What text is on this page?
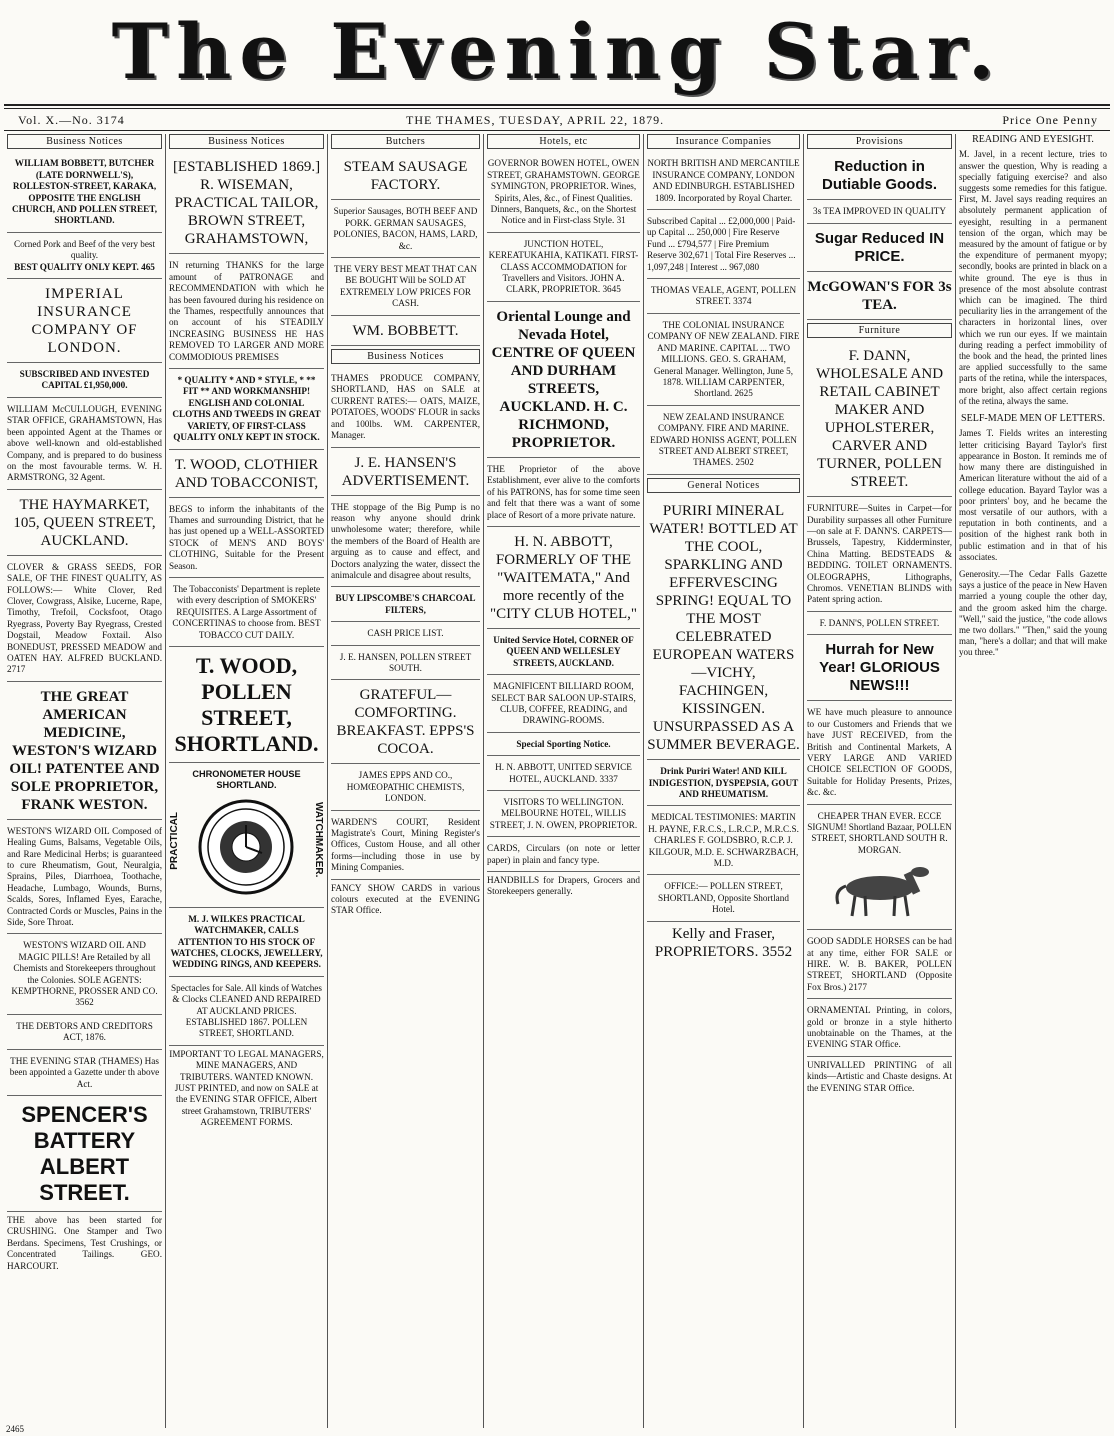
The Evening Star.
Vol. X.—No. 3174	THE THAMES, TUESDAY, APRIL 22, 1879.	Price One Penny
Business Notices
WILLIAM BOBBETT, BUTCHER (LATE DORNWELL'S), ROLLESTON-STREET, KARAKA, OPPOSITE THE ENGLISH CHURCH, AND POLLEN STREET, SHORTLAND.
Corned Pork and Beef of the very best quality.
BEST QUALITY ONLY KEPT. 465
IMPERIAL INSURANCE COMPANY OF LONDON.
SUBSCRIBED AND INVESTED CAPITAL £1,950,000.
WILLIAM McCULLOUGH, EVENING STAR OFFICE, GRAHAMSTOWN, Has been appointed Agent at the Thames or above well-known and old-established Company, and is prepared to do business on the most favourable terms. W. H. ARMSTRONG, 32 Agent.
THE HAYMARKET, 105, QUEEN STREET, AUCKLAND.
CLOVER & GRASS SEEDS, FOR SALE, OF THE FINEST QUALITY, AS FOLLOWS:— White Clover, Red Clover, Cowgrass, Alsike, Lucerne, Rape, Timothy, Trefoil, Cocksfoot, Otago Ryegrass, Poverty Bay Ryegrass, Crested Dogstail, Meadow Foxtail. Also BONEDUST, PRESSED MEADOW and OATEN HAY. ALFRED BUCKLAND. 2717
THE GREAT AMERICAN MEDICINE, WESTON'S WIZARD OIL! PATENTEE AND SOLE PROPRIETOR, FRANK WESTON.
WESTON'S WIZARD OIL Composed of Healing Gums, Balsams, Vegetable Oils, and Rare Medicinal Herbs; is guaranteed to cure Rheumatism, Gout, Neuralgia, Sprains, Piles, Diarrhoea, Toothache, Headache, Lumbago, Wounds, Burns, Scalds, Sores, Inflamed Eyes, Earache, Contracted Cords or Muscles, Pains in the Side, Sore Throat.
WESTON'S WIZARD OIL AND MAGIC PILLS! Are Retailed by all Chemists and Storekeepers throughout the Colonies. SOLE AGENTS: KEMPTHORNE, PROSSER AND CO. 3562
THE DEBTORS AND CREDITORS ACT, 1876.
THE EVENING STAR (THAMES) Has been appointed a Gazette under th above Act.
SPENCER'S BATTERY ALBERT STREET.
THE above has been started for CRUSHING. One Stamper and Two Berdans. Specimens, Test Crushings, or Concentrated Tailings. GEO. HARCOURT.
Business Notices
[ESTABLISHED 1869.] R. WISEMAN, PRACTICAL TAILOR, BROWN STREET, GRAHAMSTOWN,
IN returning THANKS for the large amount of PATRONAGE and RECOMMENDATION with which he has been favoured during his residence on the Thames, respectfully announces that on account of his STEADILY INCREASING BUSINESS HE HAS REMOVED TO LARGER AND MORE COMMODIOUS PREMISES
* QUALITY * AND * STYLE, * ** FIT ** AND WORKMANSHIP! ENGLISH AND COLONIAL CLOTHS AND TWEEDS IN GREAT VARIETY, OF FIRST-CLASS QUALITY ONLY KEPT IN STOCK.
T. WOOD, CLOTHIER AND TOBACCONIST,
BEGS to inform the inhabitants of the Thames and surrounding District, that he has just opened up a WELL-ASSORTED STOCK of MEN'S AND BOYS' CLOTHING, Suitable for the Present Season.
The Tobacconists' Department is replete with every description of SMOKERS' REQUISITES. A Large Assortment of CONCERTINAS to choose from. BEST TOBACCO CUT DAILY.
T. WOOD, POLLEN STREET, SHORTLAND.
CHRONOMETER HOUSE SHORTLAND.
PRACTICAL	WATCHMAKER.
M. J. WILKES PRACTICAL WATCHMAKER, CALLS ATTENTION TO HIS STOCK OF WATCHES, CLOCKS, JEWELLERY, WEDDING RINGS, AND KEEPERS.
Spectacles for Sale. All kinds of Watches & Clocks CLEANED AND REPAIRED AT AUCKLAND PRICES. ESTABLISHED 1867. POLLEN STREET, SHORTLAND.
IMPORTANT TO LEGAL MANAGERS, MINE MANAGERS, AND TRIBUTERS. WANTED KNOWN. JUST PRINTED, and now on SALE at the EVENING STAR OFFICE, Albert street Grahamstown, TRIBUTERS' AGREEMENT FORMS.
Butchers
STEAM SAUSAGE FACTORY.
Superior Sausages, BOTH BEEF AND PORK. GERMAN SAUSAGES, POLONIES, BACON, HAMS, LARD, &c.
THE VERY BEST MEAT THAT CAN BE BOUGHT Will be SOLD AT EXTREMELY LOW PRICES FOR CASH.
WM. BOBBETT.
Business Notices
THAMES PRODUCE COMPANY, SHORTLAND, HAS on SALE at CURRENT RATES:— OATS, MAIZE, POTATOES, WOODS' FLOUR in sacks and 100lbs. WM. CARPENTER, Manager.
J. E. HANSEN'S ADVERTISEMENT.
THE stoppage of the Big Pump is no reason why anyone should drink unwholesome water; therefore, while the members of the Board of Health are arguing as to cause and effect, and Doctors analyzing the water, dissect the animalcule and disagree about results,
BUY LIPSCOMBE'S CHARCOAL FILTERS,
CASH PRICE LIST.
J. E. HANSEN, POLLEN STREET SOUTH.
GRATEFUL—COMFORTING. BREAKFAST. EPPS'S COCOA.
JAMES EPPS AND CO., HOMŒOPATHIC CHEMISTS, LONDON.
WARDEN'S COURT, Resident Magistrate's Court, Mining Register's Offices, Custom House, and all other forms—including those in use by Mining Companies.
FANCY SHOW CARDS in various colours executed at the EVENING STAR Office.
Hotels, etc
GOVERNOR BOWEN HOTEL, OWEN STREET, GRAHAMSTOWN. GEORGE SYMINGTON, PROPRIETOR. Wines, Spirits, Ales, &c., of Finest Qualities. Dinners, Banquets, &c., on the Shortest Notice and in First-class Style. 31
JUNCTION HOTEL, KEREATUKAHIA, KATIKATI. FIRST-CLASS ACCOMMODATION for Travellers and Visitors. JOHN A. CLARK, PROPRIETOR. 3645
Oriental Lounge and Nevada Hotel, CENTRE OF QUEEN AND DURHAM STREETS, AUCKLAND. H. C. RICHMOND, PROPRIETOR.
THE Proprietor of the above Establishment, ever alive to the comforts of his PATRONS, has for some time seen and felt that there was a want of some place of Resort of a more private nature.
H. N. ABBOTT, FORMERLY OF THE "WAITEMATA," And more recently of the "CITY CLUB HOTEL,"
United Service Hotel, CORNER OF QUEEN AND WELLESLEY STREETS, AUCKLAND.
MAGNIFICENT BILLIARD ROOM, SELECT BAR SALOON UP-STAIRS, CLUB, COFFEE, READING, and DRAWING-ROOMS.
Special Sporting Notice.
H. N. ABBOTT, UNITED SERVICE HOTEL, AUCKLAND. 3337
VISITORS TO WELLINGTON. MELBOURNE HOTEL, WILLIS STREET, J. N. OWEN, PROPRIETOR.
CARDS, Circulars (on note or letter paper) in plain and fancy type.
HANDBILLS for Drapers, Grocers and Storekeepers generally.
Insurance Companies
NORTH BRITISH AND MERCANTILE INSURANCE COMPANY, LONDON AND EDINBURGH. ESTABLISHED 1809. Incorporated by Royal Charter.
Subscribed Capital ... £2,000,000 | Paid-up Capital ... 250,000 | Fire Reserve Fund ... £794,577 | Fire Premium Reserve 302,671 | Total Fire Reserves ... 1,097,248 | Interest ... 967,080
THOMAS VEALE, AGENT, POLLEN STREET. 3374
THE COLONIAL INSURANCE COMPANY OF NEW ZEALAND. FIRE AND MARINE. CAPITAL ... TWO MILLIONS. GEO. S. GRAHAM, General Manager. Wellington, June 5, 1878. WILLIAM CARPENTER, Shortland. 2625
NEW ZEALAND INSURANCE COMPANY. FIRE AND MARINE. EDWARD HONISS AGENT, POLLEN STREET AND ALBERT STREET, THAMES. 2502
General Notices
PURIRI MINERAL WATER! BOTTLED AT THE COOL, SPARKLING AND EFFERVESCING SPRING! EQUAL TO THE MOST CELEBRATED EUROPEAN WATERS—VICHY, FACHINGEN, KISSINGEN. UNSURPASSED AS A SUMMER BEVERAGE.
Drink Puriri Water! AND KILL INDIGESTION, DYSPEPSIA, GOUT AND RHEUMATISM.
MEDICAL TESTIMONIES: MARTIN H. PAYNE, F.R.C.S., L.R.C.P., M.R.C.S. CHARLES F. GOLDSBRO, R.C.P. J. KILGOUR, M.D. E. SCHWARZBACH, M.D.
OFFICE:— POLLEN STREET, SHORTLAND, Opposite Shortland Hotel.
Kelly and Fraser, PROPRIETORS. 3552
Provisions
Reduction in Dutiable Goods.
3s TEA IMPROVED IN QUALITY
Sugar Reduced IN PRICE.
McGOWAN'S FOR 3s TEA.
Furniture
F. DANN, WHOLESALE AND RETAIL CABINET MAKER AND UPHOLSTERER, CARVER AND TURNER, POLLEN STREET.
FURNITURE—Suites in Carpet—for Durability surpasses all other Furniture—on sale at F. DANN'S. CARPETS—Brussels, Tapestry, Kidderminster, China Matting. BEDSTEADS & BEDDING. TOILET ORNAMENTS. OLEOGRAPHS, Lithographs, Chromos. VENETIAN BLINDS with Patent spring action.
F. DANN'S, POLLEN STREET.
Hurrah for New Year! GLORIOUS NEWS!!!
WE have much pleasure to announce to our Customers and Friends that we have JUST RECEIVED, from the British and Continental Markets, A VERY LARGE AND VARIED CHOICE SELECTION OF GOODS, Suitable for Holiday Presents, Prizes, &c. &c.
CHEAPER THAN EVER. ECCE SIGNUM! Shortland Bazaar, POLLEN STREET, SHORTLAND SOUTH R. MORGAN.
GOOD SADDLE HORSES can be had at any time, either FOR SALE or HIRE. W. B. BAKER, POLLEN STREET, SHORTLAND (Opposite Fox Bros.) 2177
ORNAMENTAL Printing, in colors, gold or bronze in a style hitherto unobtainable on the Thames, at the EVENING STAR Office.
UNRIVALLED PRINTING of all kinds—Artistic and Chaste designs. At the EVENING STAR Office.
READING AND EYESIGHT.
M. Javel, in a recent lecture, tries to answer the question, Why is reading a specially fatiguing exercise? and also suggests some remedies for this fatigue. First, M. Javel says reading requires an absolutely permanent application of eyesight, resulting in a permanent tension of the organ, which may be measured by the amount of fatigue or by the expenditure of permanent myopy; secondly, books are printed in black on a white ground. The eye is thus in presence of the most absolute contrast which can be imagined. The third peculiarity lies in the arrangement of the characters in horizontal lines, over which we run our eyes. If we maintain during reading a perfect immobility of the book and the head, the printed lines are applied successfully to the same parts of the retina, while the interspaces, more bright, also affect certain regions of the retina, always the same.
SELF-MADE MEN OF LETTERS.
James T. Fields writes an interesting letter criticising Bayard Taylor's first appearance in Boston. It reminds me of how many there are distinguished in American literature without the aid of a college education. Bayard Taylor was a poor printers' boy, and he became the most versatile of our authors, with a reputation in both continents, and a position of the highest rank both in public estimation and in that of his associates.
Generosity.—The Cedar Falls Gazette says a justice of the peace in New Haven married a young couple the other day, and the groom asked him the charge. "Well," said the justice, "the code allows me two dollars." "Then," said the young man, "here's a dollar; and that will make you three."
2465
